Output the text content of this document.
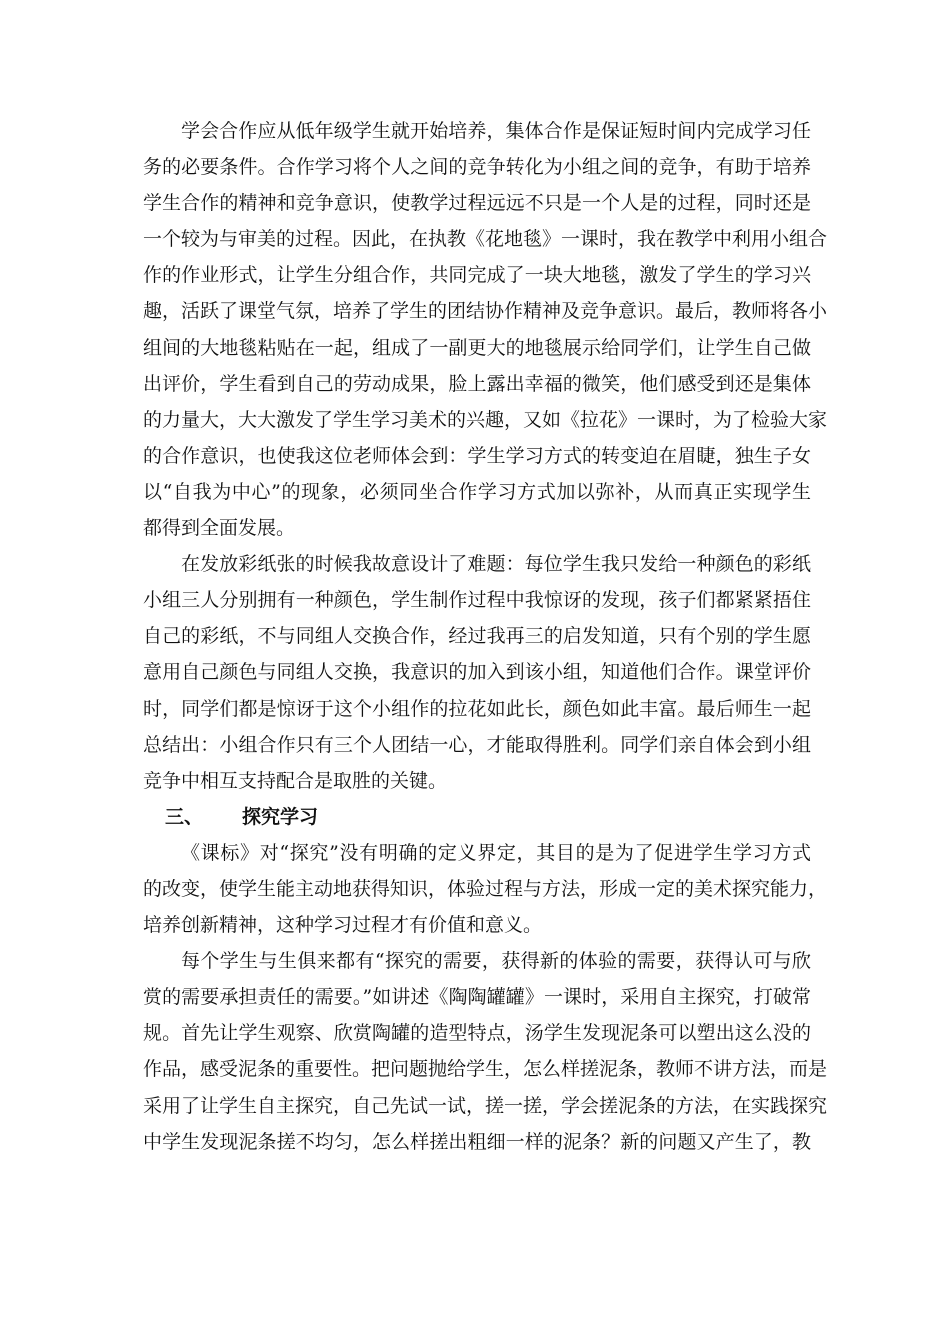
学会合作应从低年级学生就开始培养，集体合作是保证短时间内完成学习任
务的必要条件。合作学习将个人之间的竞争转化为小组之间的竞争，有助于培养
学生合作的精神和竞争意识，使教学过程远远不只是一个人是的过程，同时还是
一个较为与审美的过程。因此，在执教《花地毯》一课时，我在教学中利用小组合
作的作业形式，让学生分组合作，共同完成了一块大地毯，激发了学生的学习兴
趣，活跃了课堂气氛，培养了学生的团结协作精神及竞争意识。最后，教师将各小
组间的大地毯粘贴在一起，组成了一副更大的地毯展示给同学们，让学生自己做
出评价，学生看到自己的劳动成果，脸上露出幸福的微笑，他们感受到还是集体
的力量大，大大激发了学生学习美术的兴趣，又如《拉花》一课时，为了检验大家
的合作意识，也使我这位老师体会到：学生学习方式的转变迫在眉睫，独生子女
以“自我为中心”的现象，必须同坐合作学习方式加以弥补，从而真正实现学生
都得到全面发展。
在发放彩纸张的时候我故意设计了难题：每位学生我只发给一种颜色的彩纸
小组三人分别拥有一种颜色，学生制作过程中我惊讶的发现，孩子们都紧紧捂住
自己的彩纸，不与同组人交换合作，经过我再三的启发知道，只有个别的学生愿
意用自己颜色与同组人交换，我意识的加入到该小组，知道他们合作。课堂评价
时，同学们都是惊讶于这个小组作的拉花如此长，颜色如此丰富。最后师生一起
总结出：小组合作只有三个人团结一心，才能取得胜利。同学们亲自体会到小组
竞争中相互支持配合是取胜的关键。
三、 探究学习
《课标》对“探究”没有明确的定义界定，其目的是为了促进学生学习方式
的改变，使学生能主动地获得知识，体验过程与方法，形成一定的美术探究能力，
培养创新精神，这种学习过程才有价值和意义。
每个学生与生俱来都有“探究的需要，获得新的体验的需要，获得认可与欣
赏的需要承担责任的需要。”如讲述《陶陶罐罐》一课时，采用自主探究，打破常
规。首先让学生观察、欣赏陶罐的造型特点，汤学生发现泥条可以塑出这么没的
作品，感受泥条的重要性。把问题抛给学生，怎么样搓泥条，教师不讲方法，而是
采用了让学生自主探究，自己先试一试，搓一搓，学会搓泥条的方法，在实践探究
中学生发现泥条搓不均匀，怎么样搓出粗细一样的泥条？新的问题又产生了，教
